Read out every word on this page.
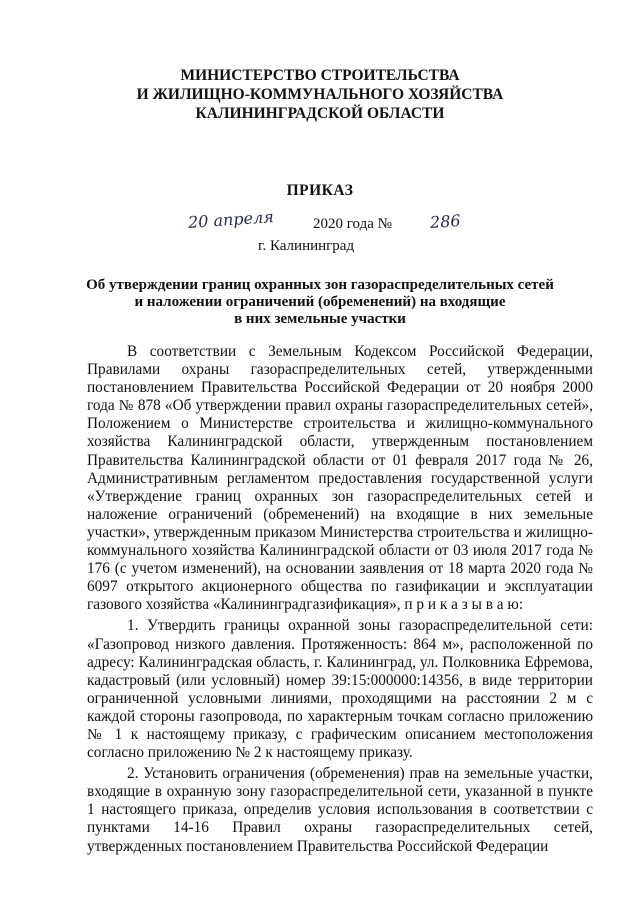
МИНИСТЕРСТВО СТРОИТЕЛЬСТВА
И ЖИЛИЩНО-КОММУНАЛЬНОГО ХОЗЯЙСТВА
КАЛИНИНГРАДСКОЙ ОБЛАСТИ
ПРИКАЗ
20 апреля	2020 года № 286
г. Калининград
Об утверждении границ охранных зон газораспределительных сетей
и наложении ограничений (обременений) на входящие
в них земельные участки

В соответствии с Земельным Кодексом Российской Федерации, Правилами охраны газораспределительных сетей, утвержденными постановлением Правительства Российской Федерации от 20 ноября 2000 года № 878 «Об утверждении правил охраны газораспределительных сетей», Положением о Министерстве строительства и жилищно-коммунального хозяйства Калининградской области, утвержденным постановлением Правительства Калининградской области от 01 февраля 2017 года № 26, Административным регламентом предоставления государственной услуги «Утверждение границ охранных зон газораспределительных сетей и наложение ограничений (обременений) на входящие в них земельные участки», утвержденным приказом Министерства строительства и жилищно-коммунального хозяйства Калининградской области от 03 июля 2017 года № 176 (с учетом изменений), на основании заявления от 18 марта 2020 года № 6097 открытого акционерного общества по газификации и эксплуатации газового хозяйства «Калининградгазификация», п р и к а з ы в а ю:

1. Утвердить границы охранной зоны газораспределительной сети: «Газопровод низкого давления. Протяженность: 864 м», расположенной по адресу: Калининградская область, г. Калининград, ул. Полковника Ефремова, кадастровый (или условный) номер 39:15:000000:14356, в виде территории ограниченной условными линиями, проходящими на расстоянии 2 м с каждой стороны газопровода, по характерным точкам согласно приложению № 1 к настоящему приказу, с графическим описанием местоположения согласно приложению № 2 к настоящему приказу.

2. Установить ограничения (обременения) прав на земельные участки, входящие в охранную зону газораспределительной сети, указанной в пункте 1 настоящего приказа, определив условия использования в соответствии с пунктами 14-16 Правил охраны газораспределительных сетей, утвержденных постановлением Правительства Российской Федерации
